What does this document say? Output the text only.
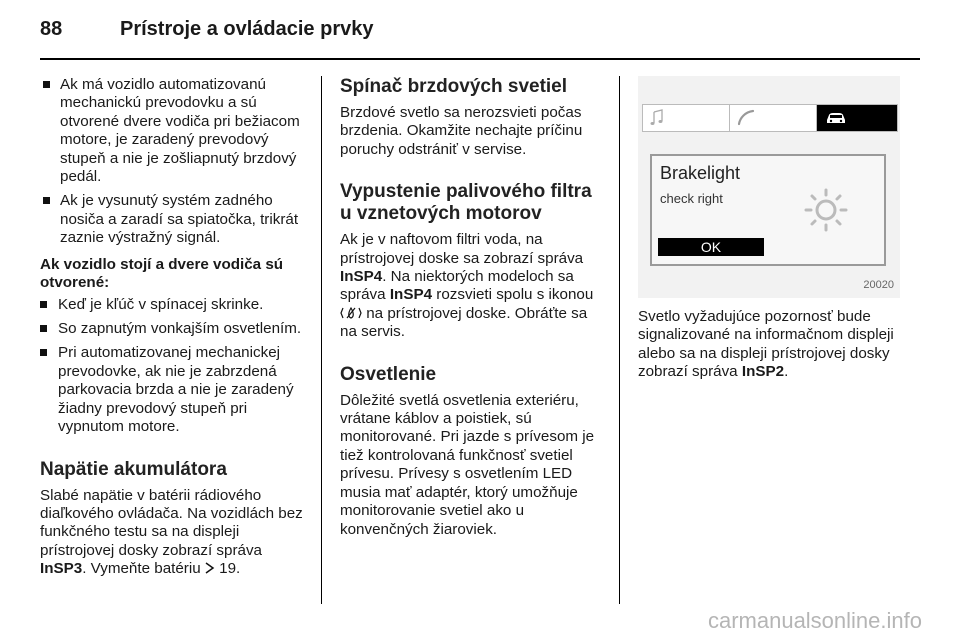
88	Prístroje a ovládacie prvky
Ak má vozidlo automatizovanú mechanickú prevodovku a sú otvorené dvere vodiča pri bežiacom motore, je zaradený prevodový stupeň a nie je zošliapnutý brzdový pedál.
Ak je vysunutý systém zadného nosiča a zaradí sa spiatočka, trikrát zaznie výstražný signál.
Ak vozidlo stojí a dvere vodiča sú otvorené:
Keď je kľúč v spínacej skrinke.
So zapnutým vonkajším osvetlením.
Pri automatizovanej mechanickej prevodovke, ak nie je zabrzdená parkovacia brzda a nie je zaradený žiadny prevodový stupeň pri vypnutom motore.
Napätie akumulátora

Slabé napätie v batérii rádiového diaľkového ovládača. Na vozidlách bez funkčného testu sa na displeji prístrojovej dosky zobrazí správa InSP3. Vymeňte batériu 19.

Spínač brzdových svetiel

Brzdové svetlo sa nerozsvieti počas brzdenia. Okamžite nechajte príčinu poruchy odstrániť v servise.

Vypustenie palivového filtra u vznetových motorov

Ak je v naftovom filtri voda, na prístrojovej doske sa zobrazí správa InSP4. Na niektorých modeloch sa správa InSP4 rozsvieti spolu s ikonou  na prístrojovej doske. Obráťte sa na servis.

Osvetlenie

Dôležité svetlá osvetlenia exteriéru, vrátane káblov a poistiek, sú monitorované. Pri jazde s prívesom je tiež kontrolovaná funkčnosť svetiel prívesu. Prívesy s osvetlením LED musia mať adaptér, ktorý umožňuje monitorovanie svetiel ako u konvenčných žiaroviek.

Brakelight
check right
OK
20020

Svetlo vyžadujúce pozornosť bude signalizované na informačnom displeji alebo sa na displeji prístrojovej dosky zobrazí správa InSP2.

carmanualsonline.info
